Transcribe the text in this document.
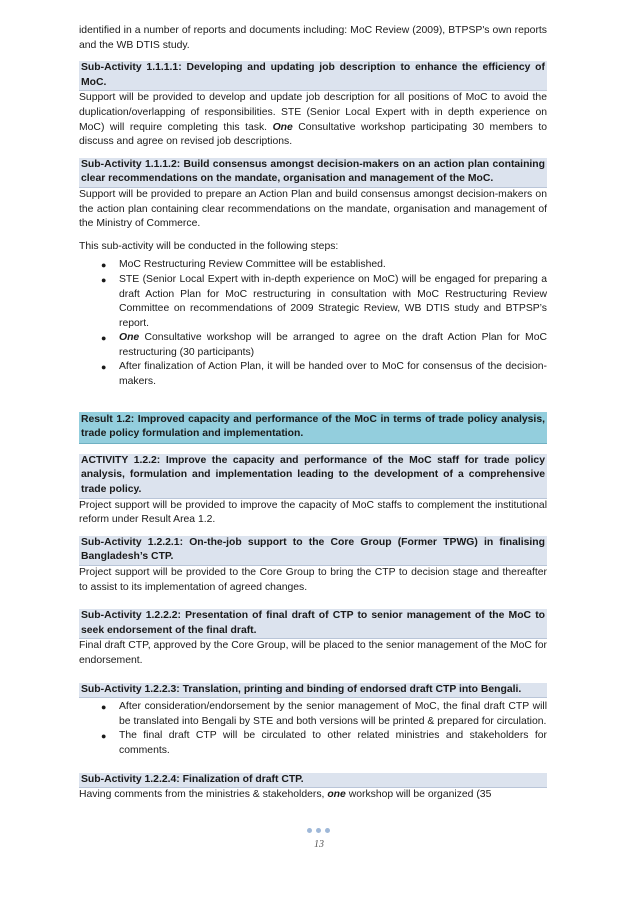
identified in a number of reports and documents including: MoC Review (2009), BTPSP's own reports and the WB DTIS study.

Sub-Activity 1.1.1.1: Developing and updating job description to enhance the efficiency of MoC.

Support will be provided to develop and update job description for all positions of MoC to avoid the duplication/overlapping of responsibilities. STE (Senior Local Expert with in depth experience on MoC) will require completing this task. One Consultative workshop participating 30 members to discuss and agree on revised job descriptions.

Sub-Activity 1.1.1.2: Build consensus amongst decision-makers on an action plan containing clear recommendations on the mandate, organisation and management of the MoC.

Support will be provided to prepare an Action Plan and build consensus amongst decision-makers on the action plan containing clear recommendations on the mandate, organisation and management of the Ministry of Commerce.

This sub-activity will be conducted in the following steps:

● MoC Restructuring Review Committee will be established.
● STE (Senior Local Expert with in-depth experience on MoC) will be engaged for preparing a draft Action Plan for MoC restructuring in consultation with MoC Restructuring Review Committee on recommendations of 2009 Strategic Review, WB DTIS study and BTPSP’s report.
● One Consultative workshop will be arranged to agree on the draft Action Plan for MoC restructuring (30 participants)
● After finalization of Action Plan, it will be handed over to MoC for consensus of the decision-makers.

Result 1.2: Improved capacity and performance of the MoC in terms of trade policy analysis, trade policy formulation and implementation.

ACTIVITY 1.2.2: Improve the capacity and performance of the MoC staff for trade policy analysis, formulation and implementation leading to the development of a comprehensive trade policy.

Project support will be provided to improve the capacity of MoC staffs to complement the institutional reform under Result Area 1.2.

Sub-Activity 1.2.2.1: On-the-job support to the Core Group (Former TPWG) in finalising Bangladesh’s CTP.

Project support will be provided to the Core Group to bring the CTP to decision stage and thereafter to assist to its implementation of agreed changes.

Sub-Activity 1.2.2.2: Presentation of final draft of CTP to senior management of the MoC to seek endorsement of the final draft.

Final draft CTP, approved by the Core Group, will be placed to the senior management of the MoC for endorsement.

Sub-Activity 1.2.2.3: Translation, printing and binding of endorsed draft CTP into Bengali.

● After consideration/endorsement by the senior management of MoC, the final draft CTP will be translated into Bengali by STE and both versions will be printed & prepared for circulation.
● The final draft CTP will be circulated to other related ministries and stakeholders for comments.

Sub-Activity 1.2.2.4: Finalization of draft CTP.

Having comments from the ministries & stakeholders, one workshop will be organized (35

13
